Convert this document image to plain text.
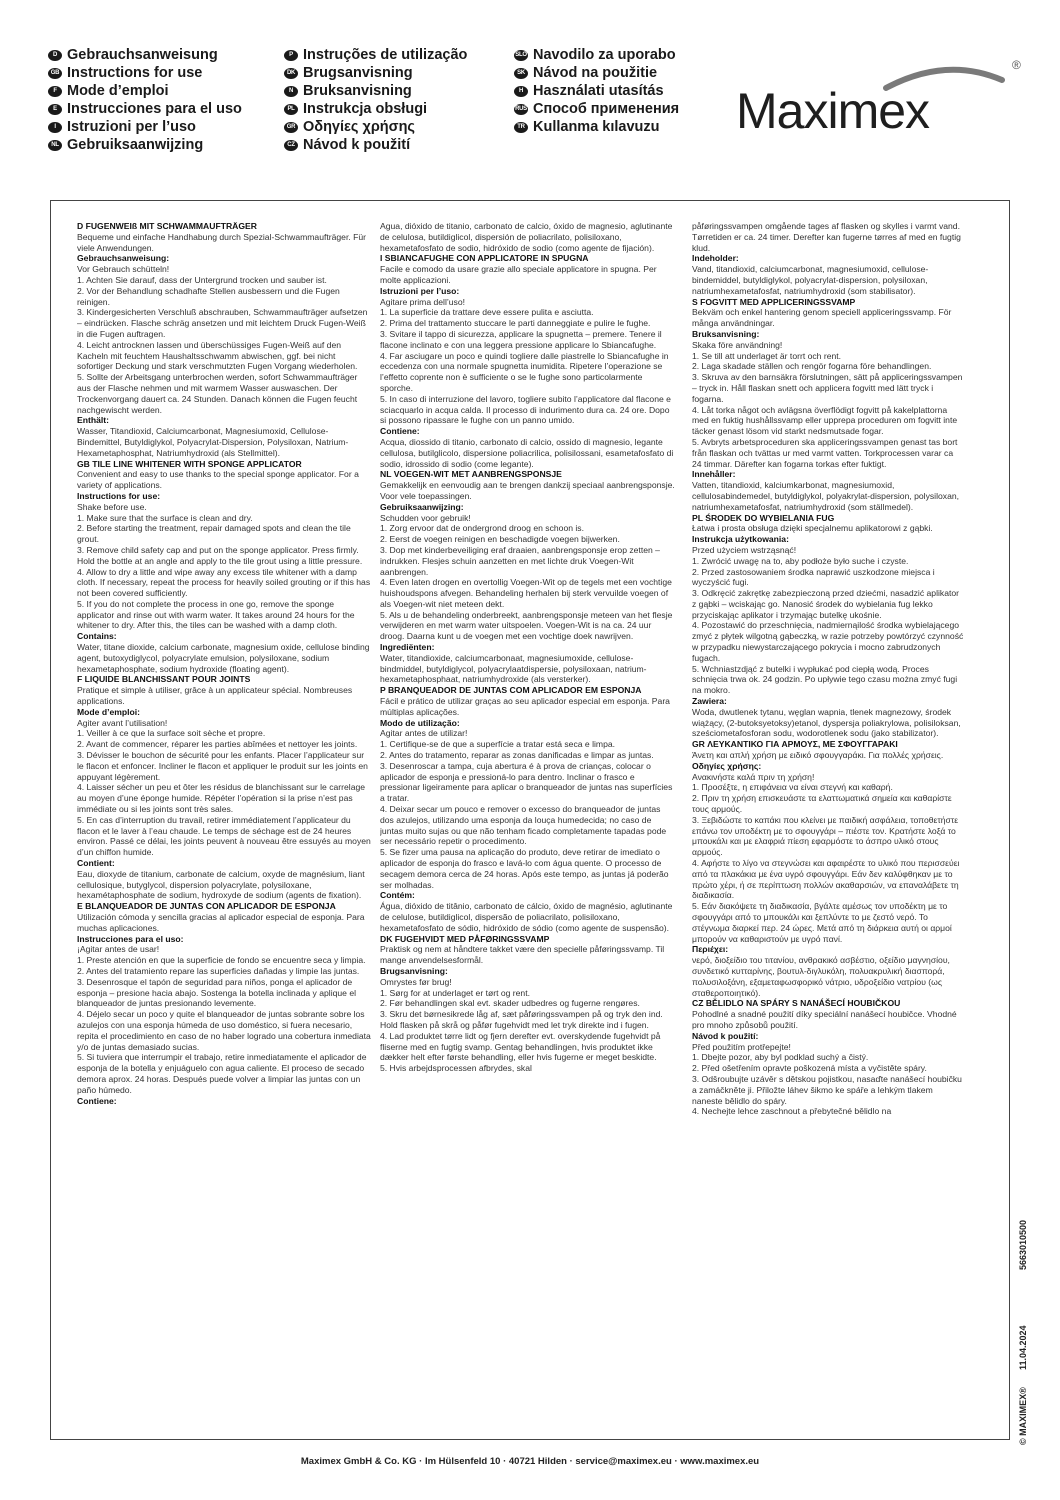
D Gebrauchsanweisung
GB Instructions for use
F Mode d’emploi
E Instrucciones para el uso
I Istruzioni per l’uso
NL Gebruiksaanwijzing
P Instruções de utilização
DK Brugsanvisning
N Bruksanvisning
PL Instrukcja obsługi
GR Οδηγίες χρήσης
CZ Návod k použití
SLO Navodilo za uporabo
SK Návod na použitie
H Használati utasítás
RUS Способ применения
TR Kullanma kılavuzu Maximex
®

D FUGENWEIß MIT SCHWAMMAUFTRÄGER

Bequeme und einfache Handhabung durch Spezial-Schwammaufträger. Für viele Anwendungen.

Gebrauchsanweisung:

Vor Gebrauch schütteln!

1. Achten Sie darauf, dass der Untergrund trocken und sauber ist.

2. Vor der Behandlung schadhafte Stellen ausbessern und die Fugen reinigen.

3. Kindergesicherten Verschluß abschrauben, Schwammaufträger aufsetzen – eindrücken. Flasche schräg ansetzen und mit leichtem Druck Fugen-Weiß in die Fugen auftragen.

4. Leicht antrocknen lassen und überschüssiges Fugen-Weiß auf den Kacheln mit feuchtem Haushaltsschwamm abwischen, ggf. bei nicht sofortiger Deckung und stark verschmutzten Fugen Vorgang wiederholen.

5. Sollte der Arbeitsgang unterbrochen werden, sofort Schwammaufträger aus der Flasche nehmen und mit warmem Wasser auswaschen. Der Trockenvorgang dauert ca. 24 Stunden. Danach können die Fugen feucht nachgewischt werden.

Enthält:

Wasser, Titandioxid, Calciumcarbonat, Magnesiumoxid, Cellulose-Bindemittel, Butyldiglykol, Polyacrylat-Dispersion, Polysiloxan, Natrium-Hexametaphosphat, Natriumhydroxid (als Stellmittel).

GB TILE LINE WHITENER WITH SPONGE APPLICATOR

Convenient and easy to use thanks to the special sponge applicator. For a variety of applications.

Instructions for use:

Shake before use.

1. Make sure that the surface is clean and dry.

2. Before starting the treatment, repair damaged spots and clean the tile grout.

3. Remove child safety cap and put on the sponge applicator. Press firmly. Hold the bottle at an angle and apply to the tile grout using a little pressure.

4. Allow to dry a little and wipe away any excess tile whitener with a damp cloth. If necessary, repeat the process for heavily soiled grouting or if this has not been covered sufficiently.

5. If you do not complete the process in one go, remove the sponge applicator and rinse out with warm water. It takes around 24 hours for the whitener to dry. After this, the tiles can be washed with a damp cloth.

Contains:

Water, titane dioxide, calcium carbonate, magnesium oxide, cellulose binding agent, butoxydiglycol, polyacrylate emulsion, polysiloxane, sodium hexametaphosphate, sodium hydroxide (floating agent).

F LIQUIDE BLANCHISSANT POUR JOINTS

Pratique et simple à utiliser, grâce à un applicateur spécial. Nombreuses applications.

Mode d’emploi:

Agiter avant l’utilisation!

1. Veiller à ce que la surface soit sèche et propre.

2. Avant de commencer, réparer les parties abîmées et nettoyer les joints.

3. Dévisser le bouchon de sécurité pour les enfants. Placer l’applicateur sur le flacon et enfoncer. Incliner le flacon et appliquer le produit sur les joints en appuyant légèrement.

4. Laisser sécher un peu et ôter les résidus de blanchissant sur le carrelage au moyen d’une éponge humide. Répéter l’opération si la prise n’est pas immédiate ou si les joints sont très sales.

5. En cas d’interruption du travail, retirer immédiatement l’applicateur du flacon et le laver à l’eau chaude. Le temps de séchage est de 24 heures environ. Passé ce délai, les joints peuvent à nouveau être essuyés au moyen d’un chiffon humide.

Contient:

Eau, dioxyde de titanium, carbonate de calcium, oxyde de magnésium, liant cellulosique, butyglycol, dispersion polyacrylate, polysiloxane, hexamétaphosphate de sodium, hydroxyde de sodium (agents de fixation).

E BLANQUEADOR DE JUNTAS CON APLICADOR DE ESPONJA

Utilización cómoda y sencilla gracias al aplicador especial de esponja. Para muchas aplicaciones.

Instrucciones para el uso:

¡Agitar antes de usar!

1. Preste atención en que la superficie de fondo se encuentre seca y limpia.

2. Antes del tratamiento repare las superficies dañadas y limpie las juntas.

3. Desenrosque el tapón de seguridad para niños, ponga el aplicador de esponja – presione hacia abajo. Sostenga la botella inclinada y aplique el blanqueador de juntas presionando levemente.

4. Déjelo secar un poco y quite el blanqueador de juntas sobrante sobre los azulejos con una esponja húmeda de uso doméstico, si fuera necesario, repita el procedimiento en caso de no haber logrado una cobertura inmediata y/o de juntas demasiado sucias.

5. Si tuviera que interrumpir el trabajo, retire inmediatamente el aplicador de esponja de la botella y enjuáguelo con agua caliente. El proceso de secado demora aprox. 24 horas. Después puede volver a limpiar las juntas con un paño húmedo.

Contiene:

Agua, dióxido de titanio, carbonato de calcio, óxido de magnesio, aglutinante de celulosa, butildiglicol, dispersión de poliacrilato, polisiloxano, hexametafosfato de sodio, hidróxido de sodio (como agente de fijación).

I SBIANCAFUGHE CON APPLICATORE IN SPUGNA

Facile e comodo da usare grazie allo speciale applicatore in spugna. Per molte applicazioni.

Istruzioni per l’uso:

Agitare prima dell’uso!

1. La superficie da trattare deve essere pulita e asciutta.

2. Prima del trattamento stuccare le parti danneggiate e pulire le fughe.

3. Svitare il tappo di sicurezza, applicare la spugnetta – premere. Tenere il flacone inclinato e con una leggera pressione applicare lo Sbiancafughe.

4. Far asciugare un poco e quindi togliere dalle piastrelle lo Sbiancafughe in eccedenza con una normale spugnetta inumidita. Ripetere l’operazione se l’effetto coprente non è sufficiente o se le fughe sono particolarmente sporche.

5. In caso di interruzione del lavoro, togliere subito l’applicatore dal flacone e sciacquarlo in acqua calda. Il processo di indurimento dura ca. 24 ore. Dopo si possono ripassare le fughe con un panno umido.

Contiene:

Acqua, diossido di titanio, carbonato di calcio, ossido di magnesio, legante cellulosa, butilglicolo, dispersione poliacrilica, polisilossani, esametafosfato di sodio, idrossido di sodio (come legante).

NL VOEGEN-WIT MET AANBRENGSPONSJE

Gemakkelijk en eenvoudig aan te brengen dankzij speciaal aanbrengsponsje. Voor vele toepassingen.

Gebruiksaanwijzing:

Schudden voor gebruik!

1. Zorg ervoor dat de ondergrond droog en schoon is.

2. Eerst de voegen reinigen en beschadigde voegen bijwerken.

3. Dop met kinderbeveiliging eraf draaien, aanbrengsponsje erop zetten – indrukken. Flesjes schuin aanzetten en met lichte druk Voegen-Wit aanbrengen.

4. Even laten drogen en overtollig Voegen-Wit op de tegels met een vochtige huishoudspons afvegen. Behandeling herhalen bij sterk vervuilde voegen of als Voegen-wit niet meteen dekt.

5. Als u de behandeling onderbreekt, aanbrengsponsje meteen van het flesje verwijderen en met warm water uitspoelen. Voegen-Wit is na ca. 24 uur droog. Daarna kunt u de voegen met een vochtige doek nawrijven.

Ingrediënten:

Water, titandioxide, calciumcarbonaat, magnesiumoxide, cellulose-bindmiddel, butyldiglycol, polyacrylaatdispersie, polysiloxaan, natrium-hexametaphosphaat, natriumhydroxide (als versterker).

P BRANQUEADOR DE JUNTAS COM APLICADOR EM ESPONJA

Fácil e prático de utilizar graças ao seu aplicador especial em esponja. Para múltiplas aplicações.

Modo de utilização:

Agitar antes de utilizar!

1. Certifique-se de que a superfície a tratar está seca e limpa.

2. Antes do tratamento, reparar as zonas danificadas e limpar as juntas.

3. Desenroscar a tampa, cuja abertura é à prova de crianças, colocar o aplicador de esponja e pressioná-lo para dentro. Inclinar o frasco e pressionar ligeiramente para aplicar o branqueador de juntas nas superfícies a tratar.

4. Deixar secar um pouco e remover o excesso do branqueador de juntas dos azulejos, utilizando uma esponja da louça humedecida; no caso de juntas muito sujas ou que não tenham ficado completamente tapadas pode ser necessário repetir o procedimento.

5. Se fizer uma pausa na aplicação do produto, deve retirar de imediato o aplicador de esponja do frasco e lavá-lo com água quente. O processo de secagem demora cerca de 24 horas. Após este tempo, as juntas já poderão ser molhadas.

Contém:

Água, dióxido de titânio, carbonato de cálcio, óxido de magnésio, aglutinante de celulose, butildiglicol, dispersão de poliacrilato, polisiloxano, hexametafosfato de sódio, hidróxido de sódio (como agente de suspensão).

DK FUGEHVIDT MED PÅFØRINGSSVAMP

Praktisk og nem at håndtere takket være den specielle påføringssvamp. Til mange anvendelsesformål.

Brugsanvisning:

Omrystes før brug!

1. Sørg for at underlaget er tørt og rent.

2. Før behandlingen skal evt. skader udbedres og fugerne rengøres.

3. Skru det børnesikrede låg af, sæt påføringssvampen på og tryk den ind. Hold flasken på skrå og påfør fugehvidt med let tryk direkte ind i fugen.

4. Lad produktet tørre lidt og fjern derefter evt. overskydende fugehvidt på fliserne med en fugtig svamp. Gentag behandlingen, hvis produktet ikke dækker helt efter første behandling, eller hvis fugerne er meget beskidte.

5. Hvis arbejdsprocessen afbrydes, skal

påføringssvampen omgående tages af flasken og skylles i varmt vand. Tørretiden er ca. 24 timer. Derefter kan fugerne tørres af med en fugtig klud.

Indeholder:

Vand, titandioxid, calciumcarbonat, magnesiumoxid, cellulose-bindemiddel, butyldiglykol, polyacrylat-dispersion, polysiloxan, natriumhexametafosfat, natriumhydroxid (som stabilisator).

S FOGVITT MED APPLICERINGSSVAMP

Bekväm och enkel hantering genom speciell appliceringssvamp. För många användningar.

Bruksanvisning:

Skaka före användning!

1. Se till att underlaget är torrt och rent.

2. Laga skadade ställen och rengör fogarna före behandlingen.

3. Skruva av den barnsäkra förslutningen, sätt på appliceringssvampen – tryck in. Håll flaskan snett och applicera fogvitt med lätt tryck i fogarna.

4. Låt torka något och avlägsna överflödigt fogvitt på kakelplattorna med en fuktig hushållssvamp eller upprepa proceduren om fogvitt inte täcker genast lösom vid starkt nedsmutsade fogar.

5. Avbryts arbetsproceduren ska appliceringssvampen genast tas bort från flaskan och tvättas ur med varmt vatten. Torkprocessen varar ca 24 timmar. Därefter kan fogarna torkas efter fuktigt.

Innehåller:

Vatten, titandioxid, kalciumkarbonat, magnesiumoxid, cellulosabindemedel, butyldiglykol, polyakrylat-dispersion, polysiloxan, natriumhexametafosfat, natriumhydroxid (som ställmedel).

PL ŚRODEK DO WYBIELANIA FUG

Łatwa i prosta obsługa dzięki specjalnemu aplikatorowi z gąbki.

Instrukcja użytkowania:

Przed użyciem wstrząsnąć!

1. Zwrócić uwagę na to, aby podłoże było suche i czyste.

2. Przed zastosowaniem środka naprawić uszkodzone miejsca i wyczyścić fugi.

3. Odkręcić zakrętkę zabezpieczoną przed dziećmi, nasadzić aplikator z gąbki – wciskając go. Nanosić środek do wybielania fug lekko przyciskając aplikator i trzymając butelkę ukośnie.

4. Pozostawić do przeschnięcia, nadmiernąilość środka wybielającego zmyć z płytek wilgotną gąbeczką, w razie potrzeby powtórzyć czynność w przypadku niewystarczającego pokrycia i mocno zabrudzonych fugach.

5. Wchniastzdjąć z butelki i wypłukać pod ciepłą wodą. Proces schnięcia trwa ok. 24 godzin. Po upływie tego czasu można zmyć fugi na mokro.

Zawiera:

Woda, dwutlenek tytanu, węglan wapnia, tlenek magnezowy, środek wiążący, (2-butoksyetoksy)etanol, dyspersja poliakrylowa, polisiloksan, sześciometafosforan sodu, wodorotlenek sodu (jako stabilizator).

GR ΛΕΥΚΑΝΤΙΚΟ ΓΙΑ ΑΡΜΟΥΣ, ΜΕ ΣΦΟΥΓΓΑΡΑΚΙ

Άνετη και απλή χρήση με ειδικό σφουγγαράκι. Για πολλές χρήσεις.

Οδηγίες χρήσης:

Ανακινήστε καλά πριν τη χρήση!

1. Προσέξτε, η επιφάνεια να είναι στεγνή και καθαρή.

2. Πριν τη χρήση επισκευάστε τα ελαττωματικά σημεία και καθαρίστε τους αρμούς.

3. Ξεβιδώστε το καπάκι που κλείνει με παιδική ασφάλεια, τοποθετήστε επάνω τον υποδέκτη με το σφουγγάρι – πιέστε τον. Κρατήστε λοξά το μπουκάλι και με ελαφριά πίεση εφαρμόστε το άσπρο υλικό στους αρμούς.

4. Αφήστε το λίγο να στεγνώσει και αφαιρέστε το υλικό που περισσεύει από τα πλακάκια με ένα υγρό σφουγγάρι. Εάν δεν καλύφθηκαν με το πρώτο χέρι, ή σε περίπτωση πολλών ακαθαρσιών, να επαναλάβετε τη διαδικασία.

5. Εάν διακόψετε τη διαδικασία, βγάλτε αμέσως τον υποδέκτη με το σφουγγάρι από το μπουκάλι και ξεπλύντε το με ζεστό νερό. Το στέγνωμα διαρκεί περ. 24 ώρες. Μετά από τη διάρκεια αυτή οι αρμοί μπορούν να καθαριστούν με υγρό πανί.

Περιέχει:

νερό, διοξείδιο του τιτανίου, ανθρακικό ασβέστιο, οξείδιο μαγνησίου, συνδετικό κυτταρίνης, βουτυλ-διγλυκόλη, πολυακρυλική διασπορά, πολυσιλοξάνη, εξαμεταφωσφορικό νάτριο, υδροξείδιο νατρίου (ως σταθεροποιητικό).

CZ BĚLIDLO NA SPÁRY S NANÁŠECÍ HOUBIČKOU

Pohodlné a snadné použití díky speciální nanášecí houbičce. Vhodné pro mnoho způsobů použití.

Návod k použití:

Před použitím protřepejte!

1. Dbejte pozor, aby byl podklad suchý a čistý.

2. Před ošetřením opravte poškozená místa a vyčistěte spáry.

3. Odšroubujte uzávěr s dětskou pojistkou, nasaďte nanášecí houbičku a zamáčkněte ji. Přiložte láhev šikmo ke spáře a lehkým tlakem naneste bělidlo do spáry.

4. Nechejte lehce zaschnout a přebytečné bělidlo na

© MAXIMEX®
11.04.2024
5663010500
Maximex GmbH & Co. KG · Im Hülsenfeld 10 · 40721 Hilden · service@maximex.eu · www.maximex.eu
